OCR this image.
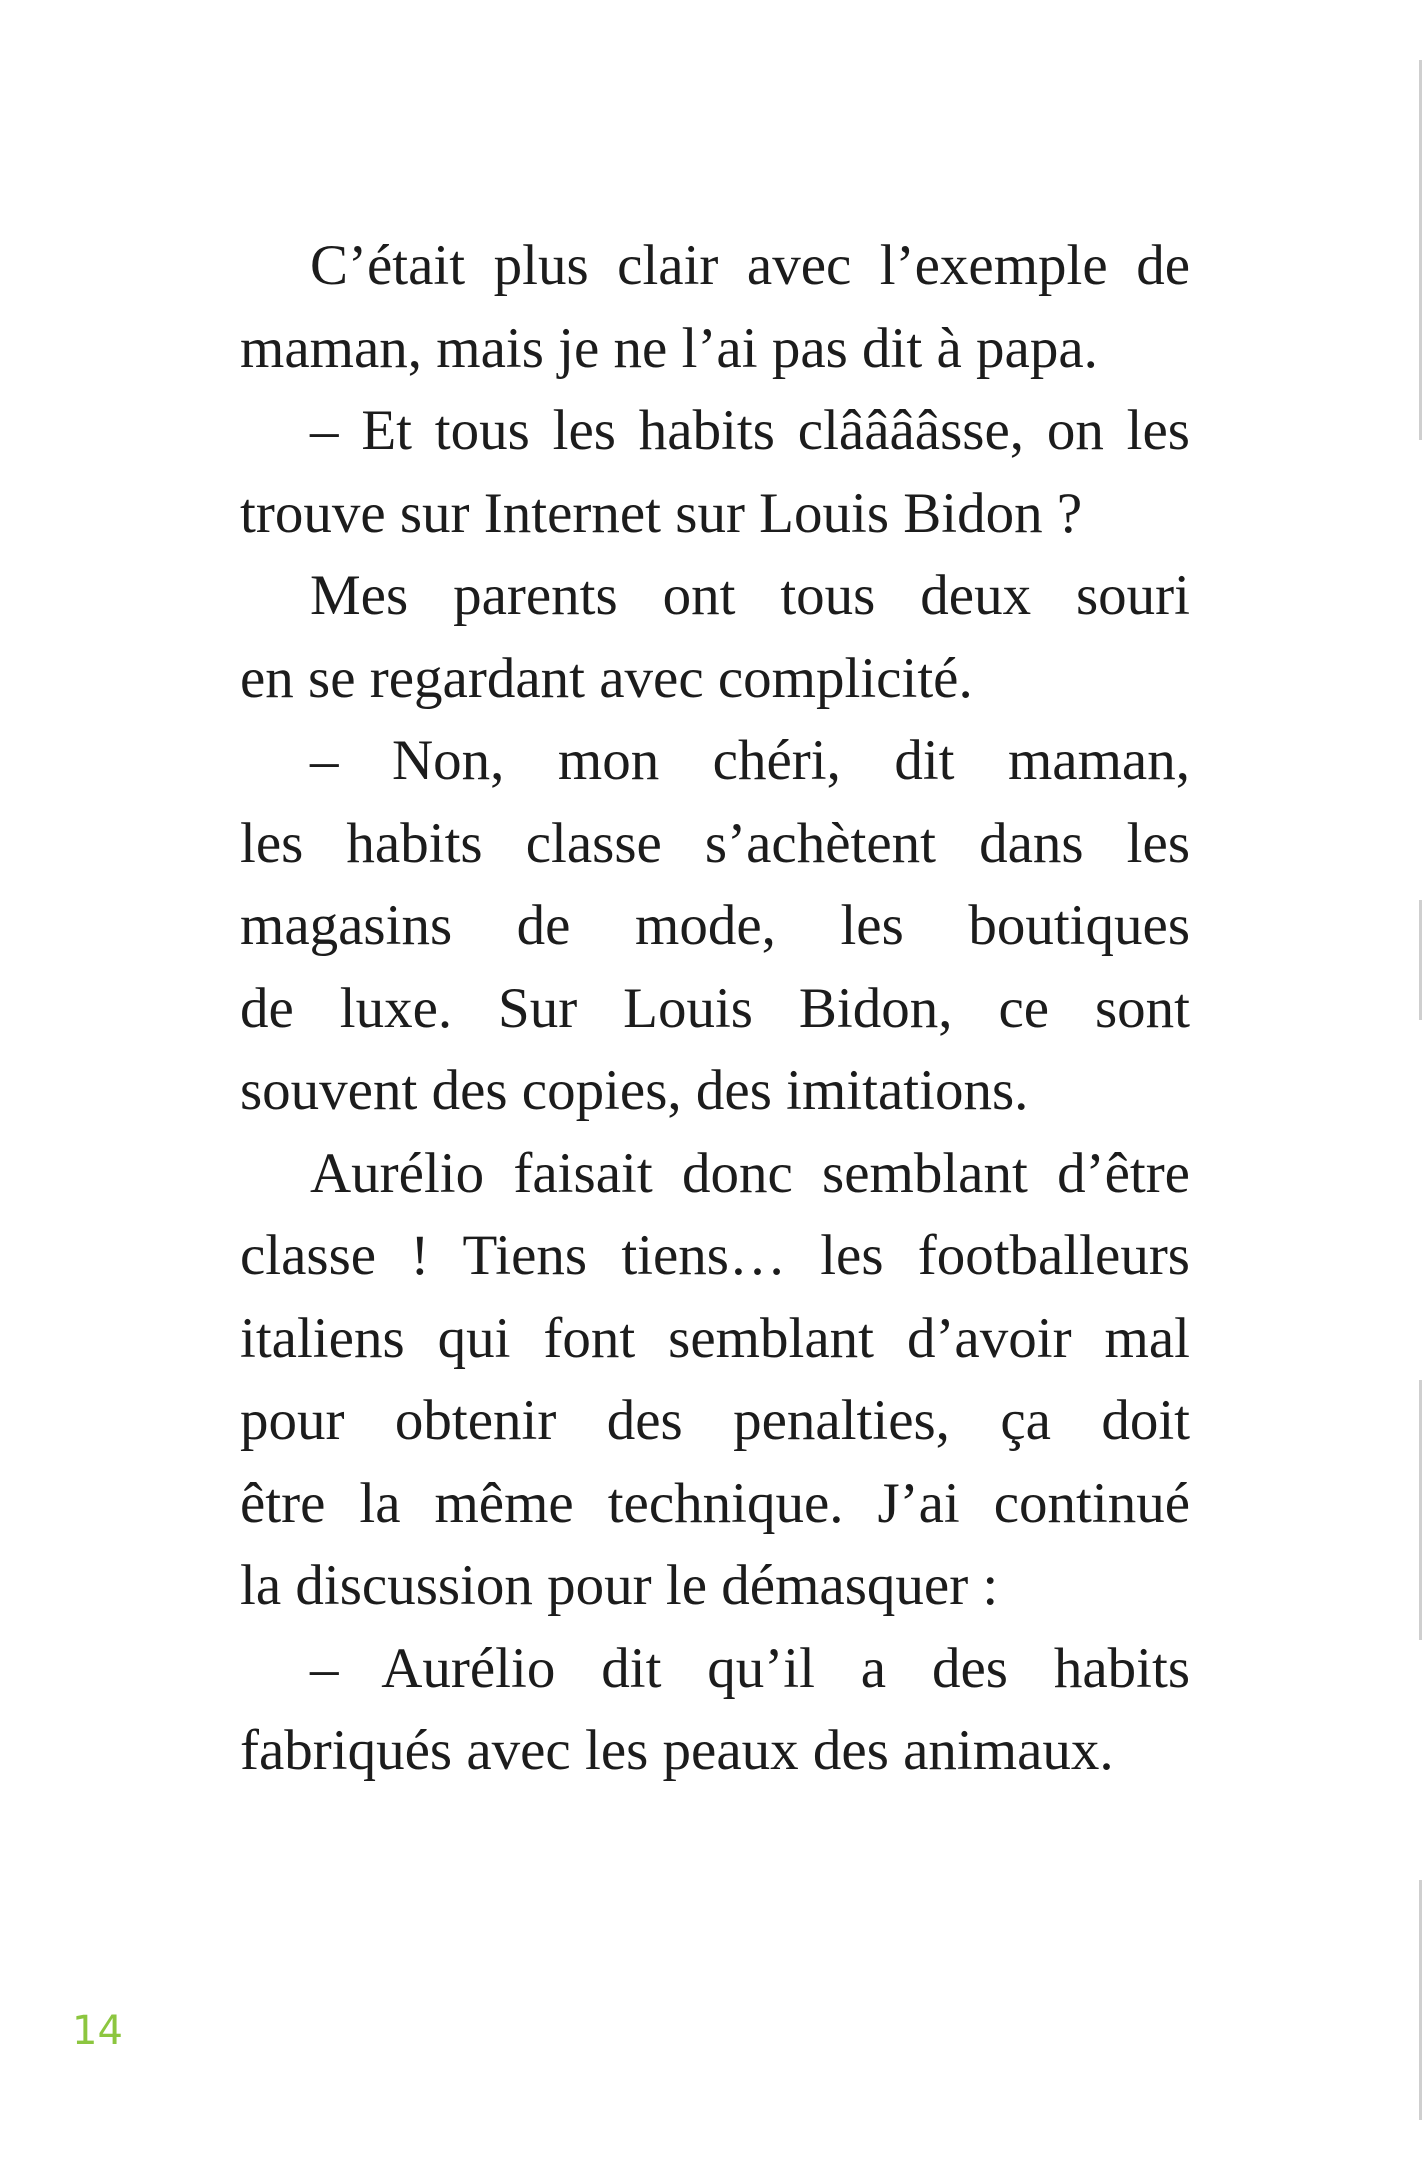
C’était plus clair avec l’exemple de
maman, mais je ne l’ai pas dit à papa.
– Et tous les habits clââââsse, on les
trouve sur Internet sur Louis Bidon ?
Mes parents ont tous deux souri
en se regardant avec complicité.
– Non, mon chéri, dit maman,
les habits classe s’achètent dans les
magasins de mode, les boutiques
de luxe. Sur Louis Bidon, ce sont
souvent des copies, des imitations.
Aurélio faisait donc semblant d’être
classe ! Tiens tiens… les footballeurs
italiens qui font semblant d’avoir mal
pour obtenir des penalties, ça doit
être la même technique. J’ai continué
la discussion pour le démasquer :
– Aurélio dit qu’il a des habits
fabriqués avec les peaux des animaux.
14
